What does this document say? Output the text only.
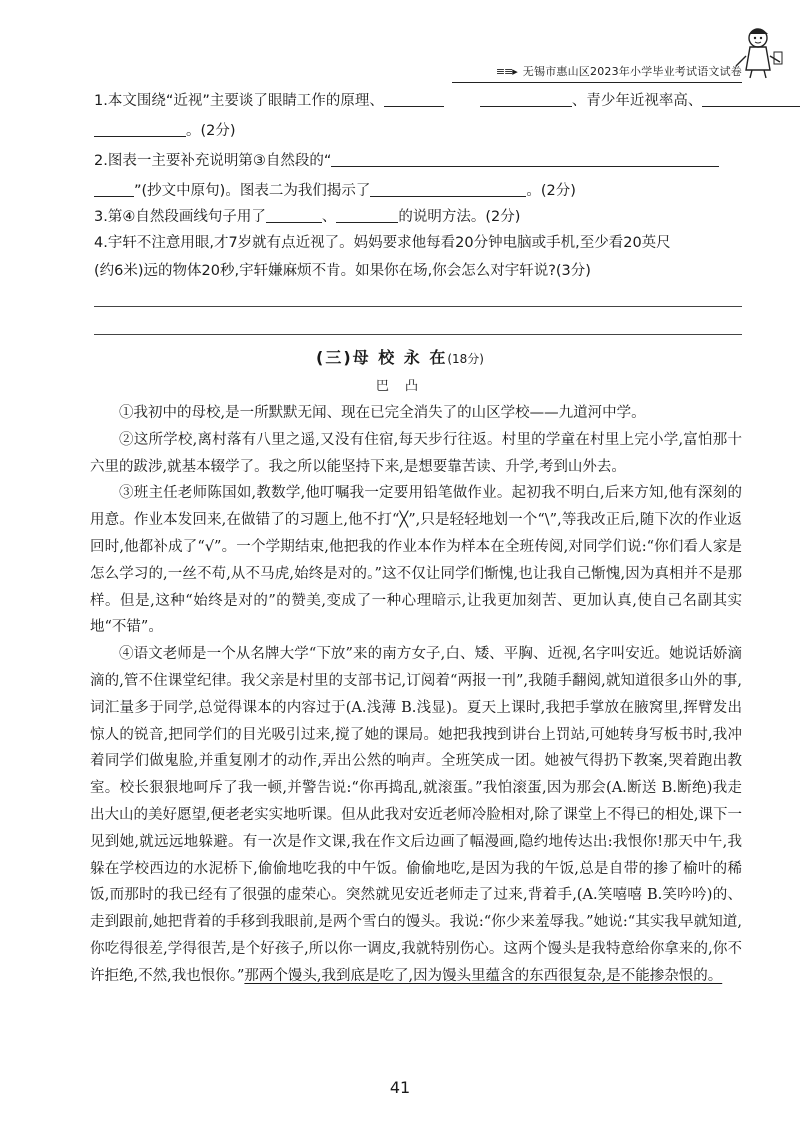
≡≡▸ 无锡市惠山区2023年小学毕业考试语文试卷
1.本文围绕“近视”主要谈了眼睛工作的原理、	、青少年近视率高、
。(2分)
2.图表一主要补充说明第③自然段的“
”(抄文中原句)。图表二为我们揭示了	。(2分)
3.第④自然段画线句子用了	、	的说明方法。(2分)
4.宇轩不注意用眼,才7岁就有点近视了。妈妈要求他每看20分钟电脑或手机,至少看20英尺
(约6米)远的物体20秒,宇轩嫌麻烦不肯。如果你在场,你会怎么对宇轩说?(3分)
(三)母 校 永 在(18分)
巴 凸

①我初中的母校,是一所默默无闻、现在已完全消失了的山区学校——九道河中学。

②这所学校,离村落有八里之遥,又没有住宿,每天步行往返。村里的学童在村里上完小学,富怕那十六里的跋涉,就基本辍学了。我之所以能坚持下来,是想要靠苦读、升学,考到山外去。

③班主任老师陈国如,教数学,他叮嘱我一定要用铅笔做作业。起初我不明白,后来方知,他有深刻的用意。作业本发回来,在做错了的习题上,他不打“╳”,只是轻轻地划一个“\”,等我改正后,随下次的作业返回时,他都补成了“√”。一个学期结束,他把我的作业本作为样本在全班传阅,对同学们说:“你们看人家是怎么学习的,一丝不苟,从不马虎,始终是对的。”这不仅让同学们惭愧,也让我自己惭愧,因为真相并不是那样。但是,这种“始终是对的”的赞美,变成了一种心理暗示,让我更加刻苦、更加认真,使自己名副其实地“不错”。

④语文老师是一个从名牌大学“下放”来的南方女子,白、矮、平胸、近视,名字叫安近。她说话娇滴滴的,管不住课堂纪律。我父亲是村里的支部书记,订阅着“两报一刊”,我随手翻阅,就知道很多山外的事,词汇量多于同学,总觉得课本的内容过于(A.浅薄 B.浅显)。夏天上课时,我把手掌放在腋窝里,挥臂发出惊人的锐音,把同学们的目光吸引过来,搅了她的课局。她把我拽到讲台上罚站,可她转身写板书时,我冲着同学们做鬼脸,并重复刚才的动作,弄出公然的响声。全班笑成一团。她被气得扔下教案,哭着跑出教室。校长狠狠地呵斥了我一顿,并警告说:“你再捣乱,就滚蛋。”我怕滚蛋,因为那会(A.断送 B.断绝)我走出大山的美好愿望,便老老实实地听课。但从此我对安近老师冷脸相对,除了课堂上不得已的相处,课下一见到她,就远远地躲避。有一次是作文课,我在作文后边画了幅漫画,隐约地传达出:我恨你!那天中午,我躲在学校西边的水泥桥下,偷偷地吃我的中午饭。偷偷地吃,是因为我的午饭,总是自带的掺了榆叶的稀饭,而那时的我已经有了很强的虚荣心。突然就见安近老师走了过来,背着手,(A.笑嘻嘻 B.笑吟吟)的、走到跟前,她把背着的手移到我眼前,是两个雪白的馒头。我说:“你少来羞辱我。”她说:“其实我早就知道,你吃得很差,学得很苦,是个好孩子,所以你一调皮,我就特别伤心。这两个馒头是我特意给你拿来的,你不许拒绝,不然,我也恨你。”那两个馒头,我到底是吃了,因为馒头里蕴含的东西很复杂,是不能掺杂恨的。

41
